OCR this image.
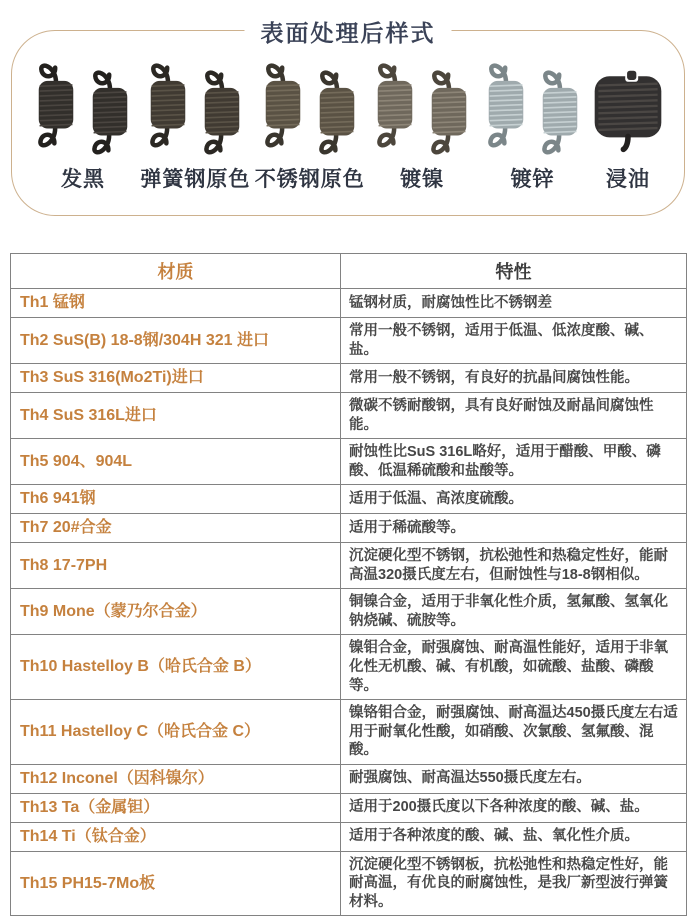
表面处理后样式
发黑 弹簧钢原色 不锈钢原色 镀镍	镀锌 浸油
材质	特性
Th1 锰钢	锰钢材质，耐腐蚀性比不锈钢差
Th2 SuS(B) 18-8钢/304H 321 进口	常用一般不锈钢，适用于低温、低浓度酸、碱、盐。
Th3 SuS 316(Mo2Ti)进口	常用一般不锈钢，有良好的抗晶间腐蚀性能。
Th4 SuS 316L进口	微碳不锈耐酸钢，具有良好耐蚀及耐晶间腐蚀性能。
Th5 904、904L	耐蚀性比SuS 316L略好，适用于醋酸、甲酸、磷酸、低温稀硫酸和盐酸等。
Th6 941钢	适用于低温、高浓度硫酸。
Th7 20#合金	适用于稀硫酸等。
Th8 17-7PH	沉淀硬化型不锈钢，抗松弛性和热稳定性好，能耐高温320摄氏度左右，但耐蚀性与18-8钢相似。
Th9 Mone（蒙乃尔合金）	铜镍合金，适用于非氧化性介质，氢氟酸、氢氧化钠烧碱、硫胺等。
Th10 Hastelloy B（哈氏合金 B）	镍钼合金，耐强腐蚀、耐高温性能好，适用于非氧化性无机酸、碱、有机酸，如硫酸、盐酸、磷酸等。
Th11 Hastelloy C（哈氏合金 C）	镍铬钼合金，耐强腐蚀、耐高温达450摄氏度左右适用于耐氧化性酸，如硝酸、次氯酸、氢氟酸、混酸。
Th12 Inconel（因科镍尔）	耐强腐蚀、耐高温达550摄氏度左右。
Th13 Ta（金属钽）	适用于200摄氏度以下各种浓度的酸、碱、盐。
Th14 Ti（钛合金）	适用于各种浓度的酸、碱、盐、氧化性介质。
Th15 PH15-7Mo板	沉淀硬化型不锈钢板，抗松弛性和热稳定性好，能耐高温，有优良的耐腐蚀性，是我厂新型波行弹簧材料。
